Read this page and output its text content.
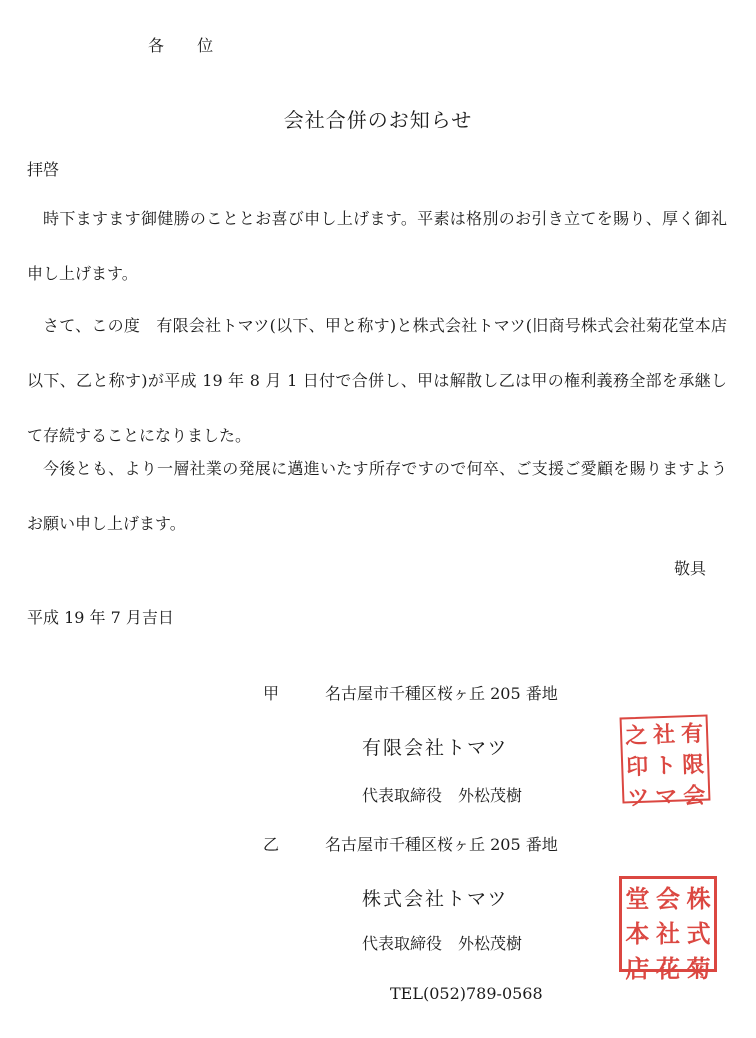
各 位
会社合併のお知らせ
拝啓
時下ますます御健勝のこととお喜び申し上げます。平素は格別のお引き立てを賜り、厚く御礼申し上げます。
さて、この度　有限会社トマツ(以下、甲と称す)と株式会社トマツ(旧商号株式会社菊花堂本店 以下、乙と称す)が平成 19 年 8 月 1 日付で合併し、甲は解散し乙は甲の権利義務全部を承継して存続することになりました。
今後とも、より一層社業の発展に邁進いたす所存ですので何卒、ご支援ご愛顧を賜りますようお願い申し上げます。
敬具
平成 19 年 7 月吉日
甲	名古屋市千種区桜ヶ丘 205 番地
有限会社トマツ
代表取締役　外松茂樹
之 社 有
印 ト 限
ツ マ 会
乙	名古屋市千種区桜ヶ丘 205 番地
株式会社トマツ
代表取締役　外松茂樹
堂 会 株
本 社 式
店 花 菊
TEL(052)789-0568
